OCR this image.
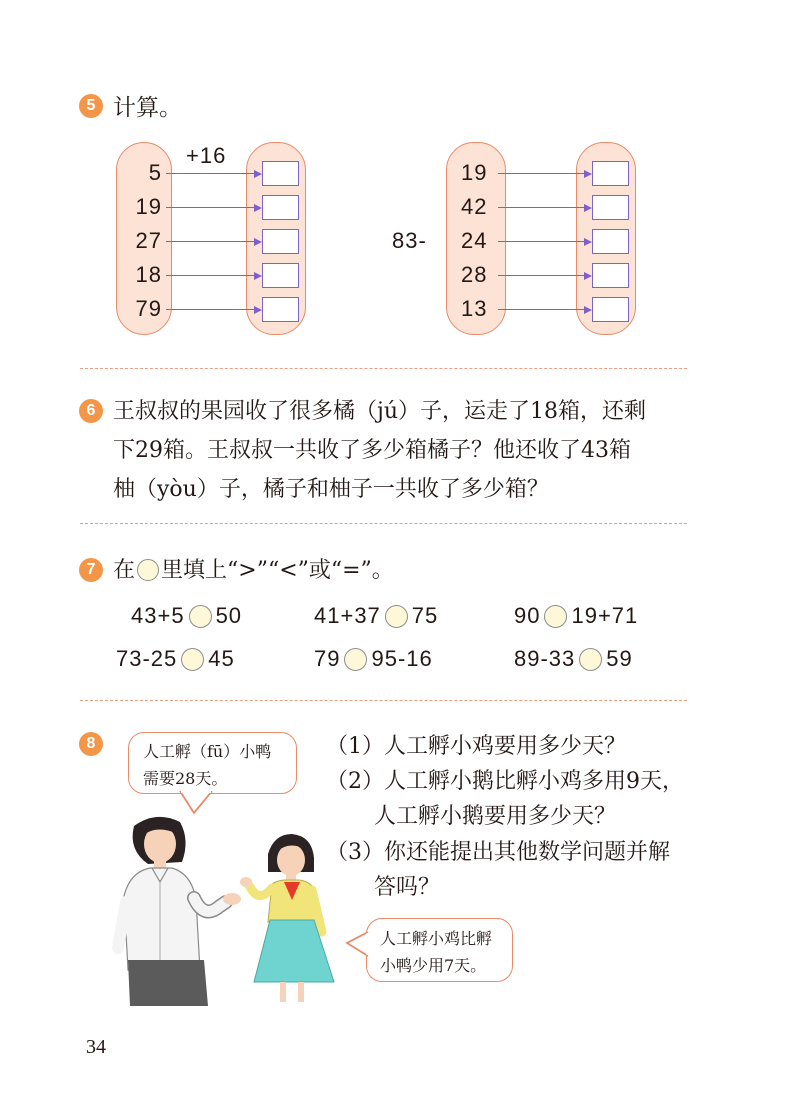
5 计算。
+16
5
19
27
18
79
83-
19
42
24
28
13
6 王叔叔的果园收了很多橘（jú）子，运走了18箱，还剩
下29箱。王叔叔一共收了多少箱橘子？他还收了43箱
柚（yòu）子，橘子和柚子一共收了多少箱？
7 在 里填上“>”“<”或“=”。
43+5 50	41+37 75	90 19+71
73-25 45	79 95-16	89-33 59
8	人工孵（fū）小鸭
需要28天。
人工孵小鸡比孵
小鸭少用7天。
（1）人工孵小鸡要用多少天？
（2）人工孵小鹅比孵小鸡多用9天，
人工孵小鹅要用多少天？
（3）你还能提出其他数学问题并解
答吗？
34
